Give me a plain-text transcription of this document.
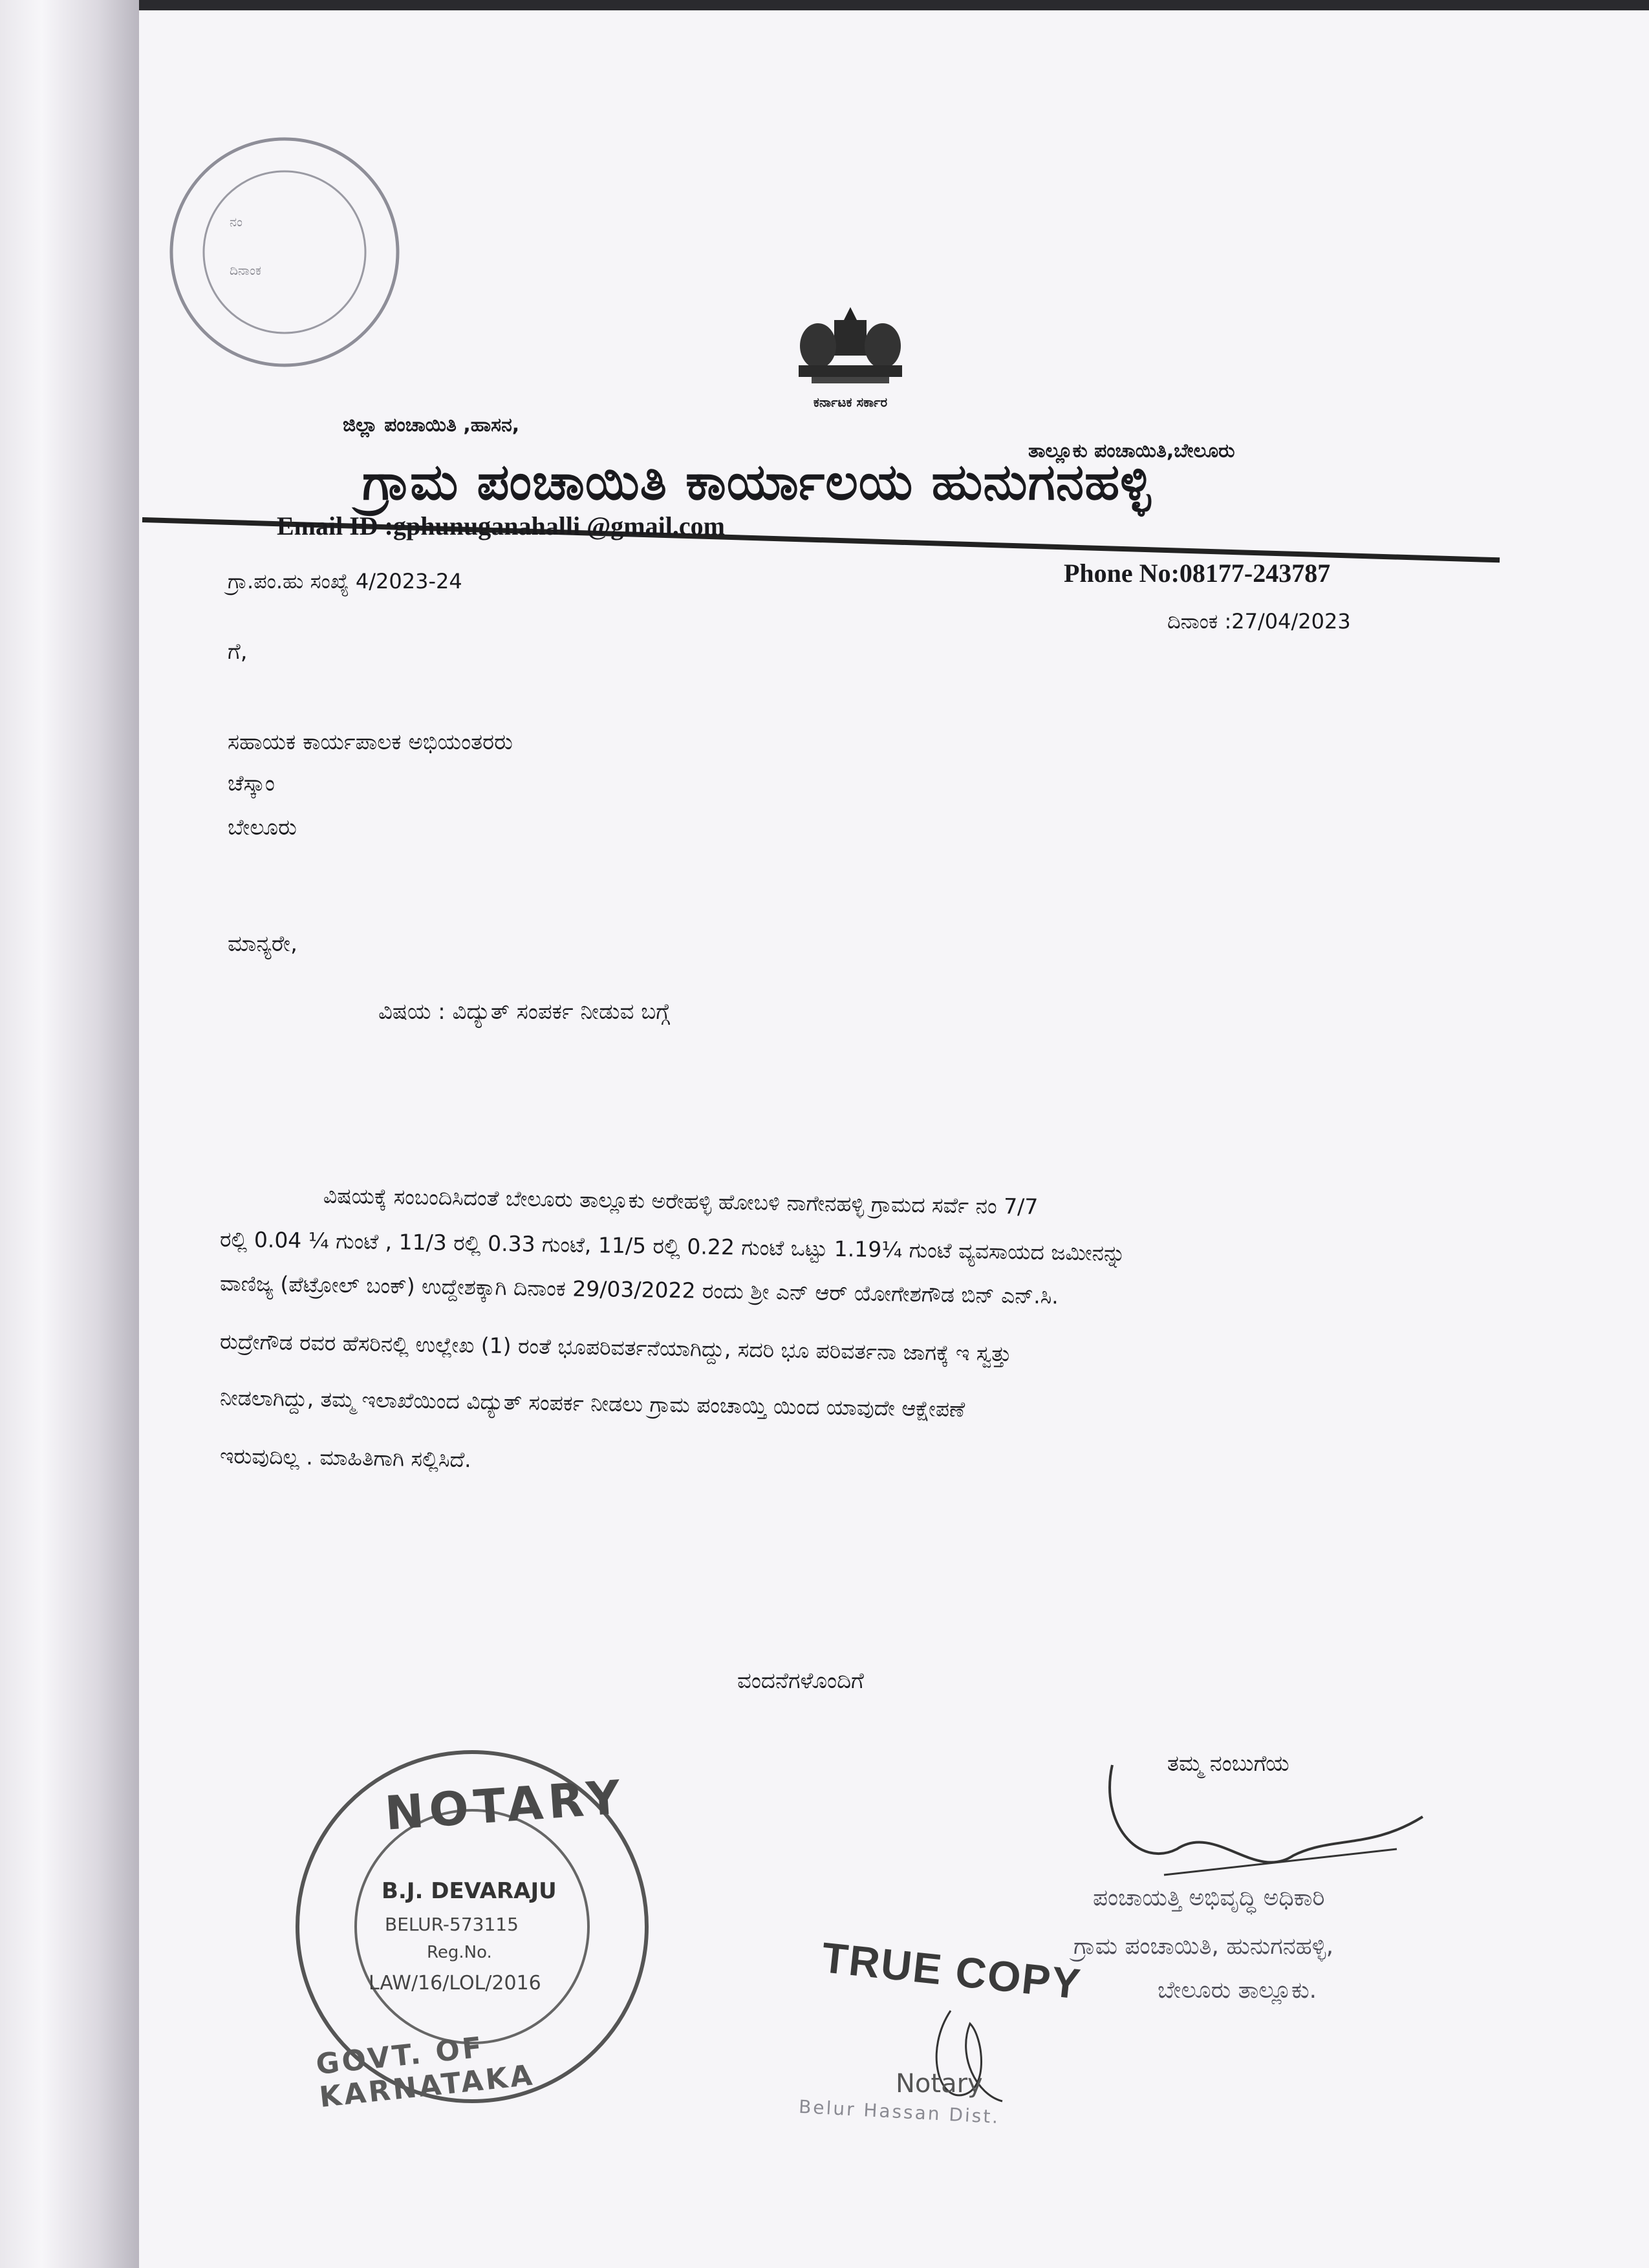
ನಂ
ದಿನಾಂಕ
ಕರ್ನಾಟಕ ಸರ್ಕಾರ
ಜಿಲ್ಲಾ ಪಂಚಾಯಿತಿ ,ಹಾಸನ,
ತಾಲ್ಲೂಕು ಪಂಚಾಯಿತಿ,ಬೇಲೂರು
ಗ್ರಾಮ ಪಂಚಾಯಿತಿ ಕಾರ್ಯಾಲಯ ಹುನುಗನಹಳ್ಳಿ
Email ID :gphunuganahalli @gmail.com
Phone No:08177-243787
ಗ್ರಾ.ಪಂ.ಹು ಸಂಖ್ಯೆ 4/2023-24
ದಿನಾಂಕ :27/04/2023
ಗೆ,
ಸಹಾಯಕ ಕಾರ್ಯಪಾಲಕ ಅಭಿಯಂತರರು
ಚೆಸ್ಕಾಂ
ಬೇಲೂರು
ಮಾನ್ಯರೇ,
ವಿಷಯ : ವಿದ್ಯುತ್ ಸಂಪರ್ಕ ನೀಡುವ ಬಗ್ಗೆ
ವಿಷಯಕ್ಕೆ ಸಂಬಂದಿಸಿದಂತೆ ಬೇಲೂರು ತಾಲ್ಲೂಕು ಅರೇಹಳ್ಳಿ ಹೋಬಳಿ ನಾಗೇನಹಳ್ಳಿ ಗ್ರಾಮದ ಸರ್ವೆ ನಂ 7/7
ರಲ್ಲಿ 0.04 ¼ ಗುಂಟೆ , 11/3 ರಲ್ಲಿ 0.33 ಗುಂಟೆ, 11/5 ರಲ್ಲಿ 0.22 ಗುಂಟೆ ಒಟ್ಟು 1.19¼ ಗುಂಟೆ ವ್ಯವಸಾಯದ ಜಮೀನನ್ನು
ವಾಣಿಜ್ಯ (ಪೆಟ್ರೋಲ್ ಬಂಕ್) ಉದ್ದೇಶಕ್ಕಾಗಿ ದಿನಾಂಕ 29/03/2022 ರಂದು ಶ್ರೀ ಎನ್ ಆರ್ ಯೋಗೇಶಗೌಡ ಬಿನ್ ಎನ್.ಸಿ.
ರುದ್ರೇಗೌಡ ರವರ ಹೆಸರಿನಲ್ಲಿ ಉಲ್ಲೇಖ (1) ರಂತೆ ಭೂಪರಿವರ್ತನೆಯಾಗಿದ್ದು, ಸದರಿ ಭೂ ಪರಿವರ್ತನಾ ಜಾಗಕ್ಕೆ ಇ ಸ್ವತ್ತು
ನೀಡಲಾಗಿದ್ದು, ತಮ್ಮ ಇಲಾಖೆಯಿಂದ ವಿದ್ಯುತ್ ಸಂಪರ್ಕ ನೀಡಲು ಗ್ರಾಮ ಪಂಚಾಯ್ತಿ ಯಿಂದ ಯಾವುದೇ ಆಕ್ಷೇಪಣೆ
ಇರುವುದಿಲ್ಲ . ಮಾಹಿತಿಗಾಗಿ ಸಲ್ಲಿಸಿದೆ.
ವಂದನೆಗಳೊಂದಿಗೆ
ತಮ್ಮ ನಂಬುಗೆಯ
ಪಂಚಾಯತ್ತಿ ಅಭಿವೃದ್ಧಿ ಅಧಿಕಾರಿ
ಗ್ರಾಮ ಪಂಚಾಯಿತಿ, ಹುನುಗನಹಳ್ಳಿ,
ಬೇಲೂರು ತಾಲ್ಲೂಕು.
NOTARY
GOVT. OF KARNATAKA
B.J. DEVARAJU
BELUR-573115
Reg.No.
LAW/16/LOL/2016	TRUE COPY
Notary
Belur Hassan Dist.
